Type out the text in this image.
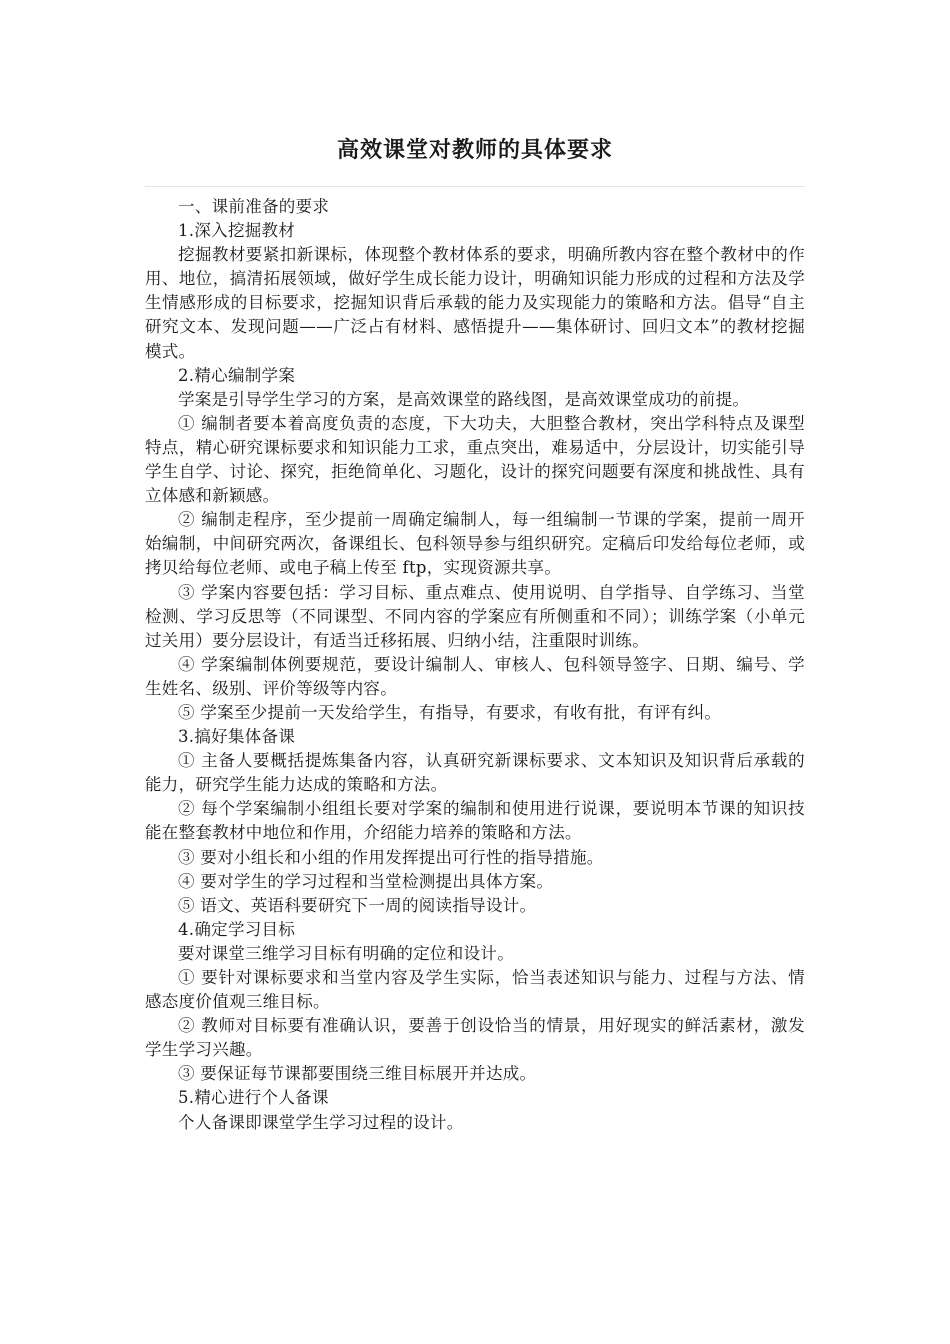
高效课堂对教师的具体要求

一、课前准备的要求

1.深入挖掘教材

挖掘教材要紧扣新课标，体现整个教材体系的要求，明确所教内容在整个教材中的作用、地位，搞清拓展领域，做好学生成长能力设计，明确知识能力形成的过程和方法及学生情感形成的目标要求，挖掘知识背后承载的能力及实现能力的策略和方法。倡导“自主研究文本、发现问题——广泛占有材料、感悟提升——集体研讨、回归文本”的教材挖掘模式。

2.精心编制学案

学案是引导学生学习的方案，是高效课堂的路线图，是高效课堂成功的前提。

① 编制者要本着高度负责的态度，下大功夫，大胆整合教材，突出学科特点及课型特点，精心研究课标要求和知识能力工求，重点突出，难易适中，分层设计，切实能引导学生自学、讨论、探究，拒绝简单化、习题化，设计的探究问题要有深度和挑战性、具有立体感和新颖感。

② 编制走程序，至少提前一周确定编制人，每一组编制一节课的学案，提前一周开始编制，中间研究两次，备课组长、包科领导参与组织研究。定稿后印发给每位老师，或拷贝给每位老师、或电子稿上传至 ftp，实现资源共享。

③ 学案内容要包括：学习目标、重点难点、使用说明、自学指导、自学练习、当堂检测、学习反思等（不同课型、不同内容的学案应有所侧重和不同）；训练学案（小单元过关用）要分层设计，有适当迁移拓展、归纳小结，注重限时训练。

④ 学案编制体例要规范，要设计编制人、审核人、包科领导签字、日期、编号、学生姓名、级别、评价等级等内容。

⑤ 学案至少提前一天发给学生，有指导，有要求，有收有批，有评有纠。

3.搞好集体备课

① 主备人要概括提炼集备内容，认真研究新课标要求、文本知识及知识背后承载的能力，研究学生能力达成的策略和方法。

② 每个学案编制小组组长要对学案的编制和使用进行说课，要说明本节课的知识技能在整套教材中地位和作用，介绍能力培养的策略和方法。

③ 要对小组长和小组的作用发挥提出可行性的指导措施。

④ 要对学生的学习过程和当堂检测提出具体方案。

⑤ 语文、英语科要研究下一周的阅读指导设计。

4.确定学习目标

要对课堂三维学习目标有明确的定位和设计。

① 要针对课标要求和当堂内容及学生实际，恰当表述知识与能力、过程与方法、情感态度价值观三维目标。

② 教师对目标要有准确认识，要善于创设恰当的情景，用好现实的鲜活素材，激发学生学习兴趣。

③ 要保证每节课都要围绕三维目标展开并达成。

5.精心进行个人备课

个人备课即课堂学生学习过程的设计。
